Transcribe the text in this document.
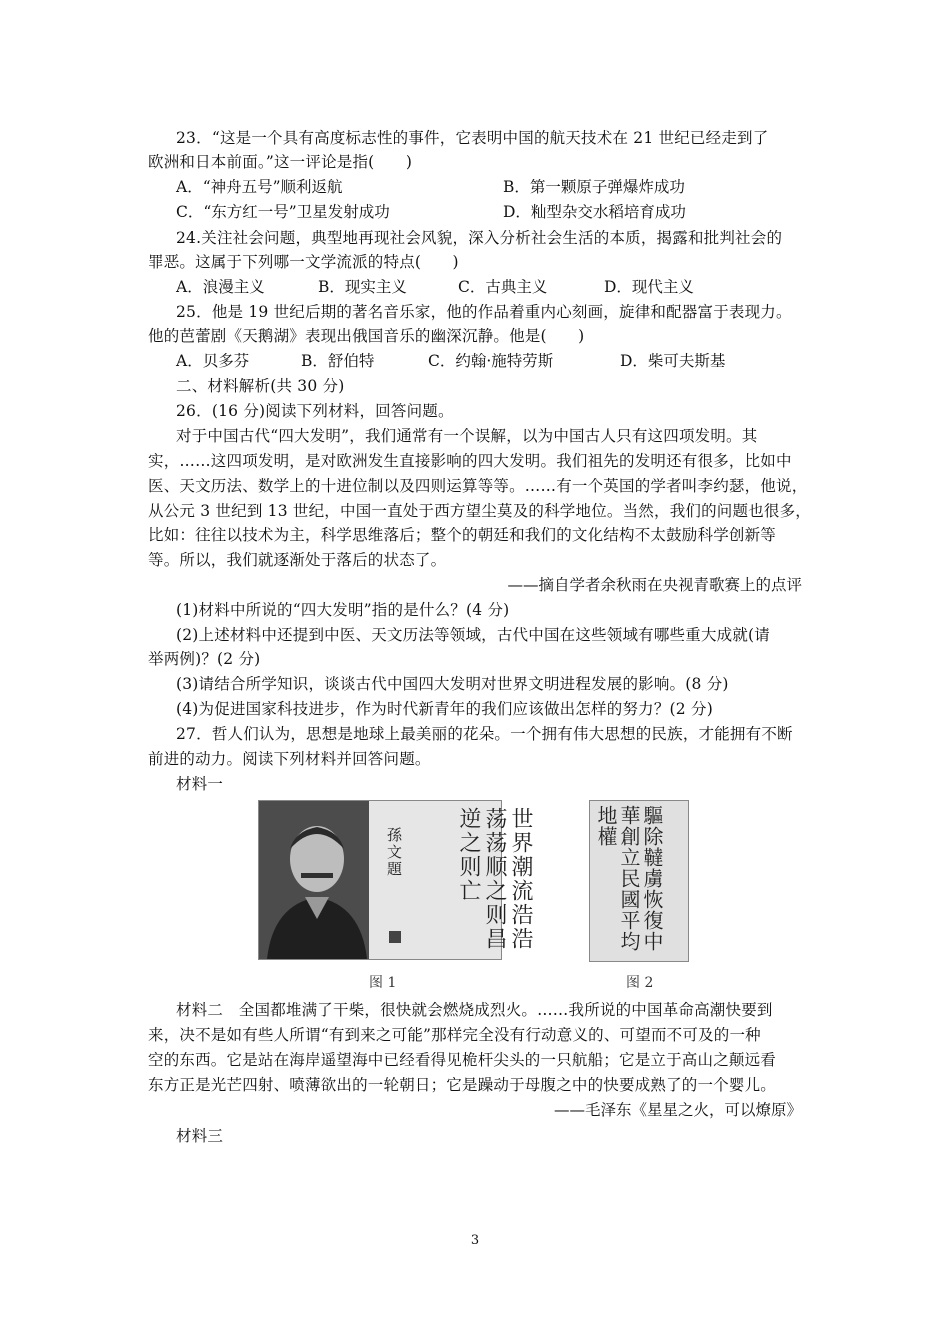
23．“这是一个具有高度标志性的事件，它表明中国的航天技术在 21 世纪已经走到了
欧洲和日本前面。”这一评论是指(　　)
A．“神舟五号”顺利返航	B．第一颗原子弹爆炸成功
C．“东方红一号”卫星发射成功	D．籼型杂交水稻培育成功
24.关注社会问题，典型地再现社会风貌，深入分析社会生活的本质，揭露和批判社会的
罪恶。这属于下列哪一文学流派的特点(　　)
A．浪漫主义	B．现实主义	C．古典主义	D．现代主义
25．他是 19 世纪后期的著名音乐家，他的作品着重内心刻画，旋律和配器富于表现力。
他的芭蕾剧《天鹅湖》表现出俄国音乐的幽深沉静。他是(　　)
A．贝多芬	B．舒伯特	C．约翰·施特劳斯	D．柴可夫斯基
二、材料解析(共 30 分)
26．(16 分)阅读下列材料，回答问题。
对于中国古代“四大发明”，我们通常有一个误解，以为中国古人只有这四项发明。其
实，……这四项发明，是对欧洲发生直接影响的四大发明。我们祖先的发明还有很多，比如中
医、天文历法、数学上的十进位制以及四则运算等等。……有一个英国的学者叫李约瑟，他说，
从公元 3 世纪到 13 世纪，中国一直处于西方望尘莫及的科学地位。当然，我们的问题也很多，
比如：往往以技术为主，科学思维落后；整个的朝廷和我们的文化结构不太鼓励科学创新等
等。所以，我们就逐渐处于落后的状态了。
——摘自学者余秋雨在央视青歌赛上的点评
(1)材料中所说的“四大发明”指的是什么？(4 分)
(2)上述材料中还提到中医、天文历法等领域，古代中国在这些领域有哪些重大成就(请
举两例)？(2 分)
(3)请结合所学知识，谈谈古代中国四大发明对世界文明进程发展的影响。(8 分)
(4)为促进国家科技进步，作为时代新青年的我们应该做出怎样的努力？(2 分)
27．哲人们认为，思想是地球上最美丽的花朵。一个拥有伟大思想的民族，才能拥有不断
前进的动力。阅读下列材料并回答问题。
材料一
世界潮流浩浩荡荡顺之则昌逆之则亡
孫文題
图 1
驅除韃虜恢復中華創立民國平均地權
图 2
材料二　全国都堆满了干柴，很快就会燃烧成烈火。……我所说的中国革命高潮快要到
来，决不是如有些人所谓“有到来之可能”那样完全没有行动意义的、可望而不可及的一种
空的东西。它是站在海岸遥望海中已经看得见桅杆尖头的一只航船；它是立于高山之颠远看
东方正是光芒四射、喷薄欲出的一轮朝日；它是躁动于母腹之中的快要成熟了的一个婴儿。
——毛泽东《星星之火，可以燎原》
材料三
3
